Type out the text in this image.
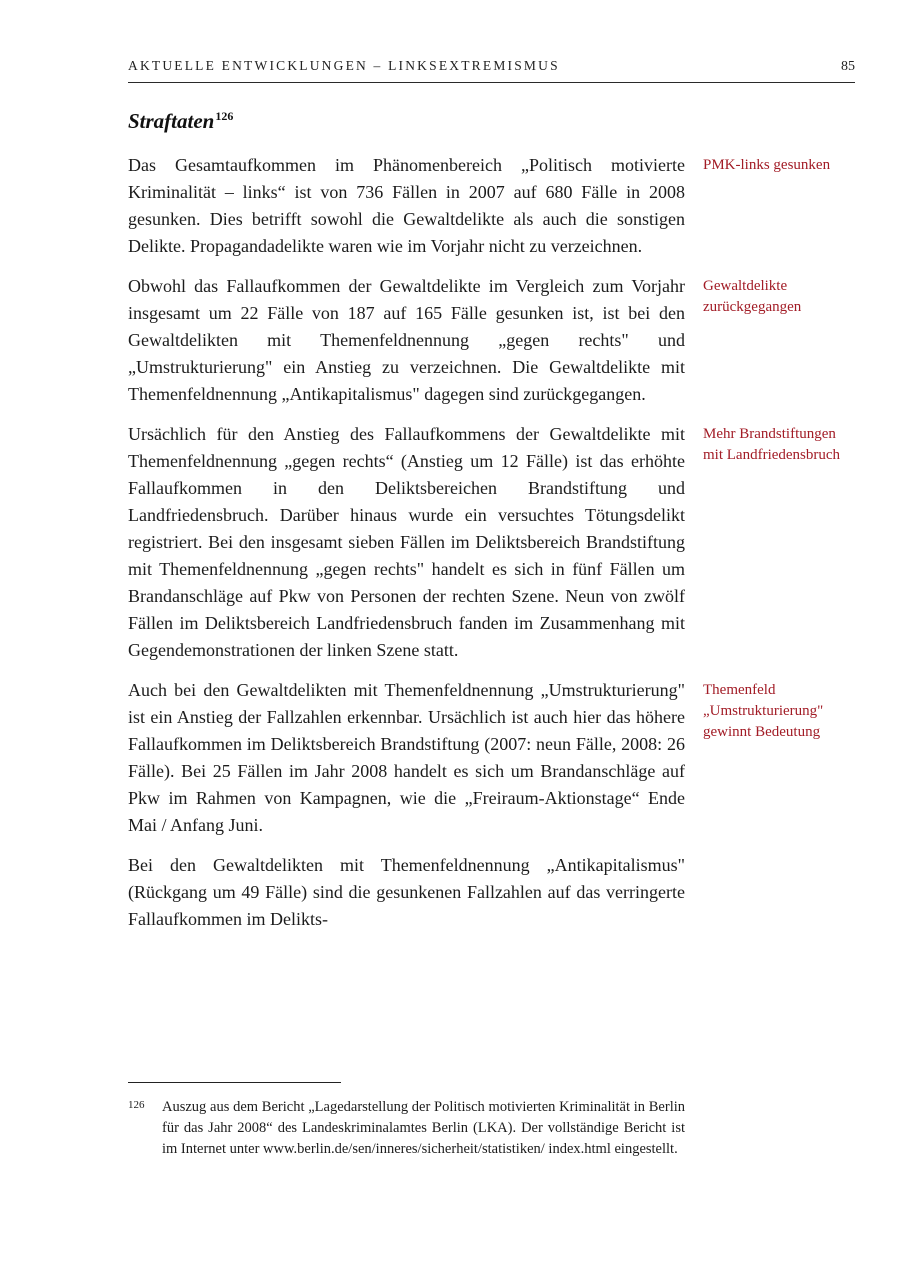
AKTUELLE ENTWICKLUNGEN – LINKSEXTREMISMUS	85
Straftaten$^{126}$

Das Gesamtaufkommen im Phänomenbereich „Politisch motivierte Kriminalität – links“ ist von 736 Fällen in 2007 auf 680 Fälle in 2008 gesunken. Dies betrifft sowohl die Gewaltdelikte als auch die sonstigen Delikte. Propagandadelikte waren wie im Vorjahr nicht zu verzeichnen.

PMK-links gesunken

Obwohl das Fallaufkommen der Gewaltdelikte im Vergleich zum Vorjahr insgesamt um 22 Fälle von 187 auf 165 Fälle gesunken ist, ist bei den Gewaltdelikten mit Themenfeldnennung „gegen rechts" und „Umstrukturierung" ein Anstieg zu verzeichnen. Die Gewaltdelikte mit Themenfeldnennung „Antikapitalismus" dagegen sind zurückgegangen.

Gewaltdelikte zurückgegangen

Ursächlich für den Anstieg des Fallaufkommens der Gewaltdelikte mit Themenfeldnennung „gegen rechts“ (Anstieg um 12 Fälle) ist das erhöhte Fallaufkommen in den Deliktsbereichen Brandstiftung und Landfriedensbruch. Darüber hinaus wurde ein versuchtes Tötungsdelikt registriert. Bei den insgesamt sieben Fällen im Deliktsbereich Brandstiftung mit Themenfeldnennung „gegen rechts" handelt es sich in fünf Fällen um Brandanschläge auf Pkw von Personen der rechten Szene. Neun von zwölf Fällen im Deliktsbereich Landfriedensbruch fanden im Zusammenhang mit Gegendemonstrationen der linken Szene statt.

Mehr Brandstiftungen mit Landfriedensbruch

Auch bei den Gewaltdelikten mit Themenfeldnennung „Umstrukturierung" ist ein Anstieg der Fallzahlen erkennbar. Ursächlich ist auch hier das höhere Fallaufkommen im Deliktsbereich Brandstiftung (2007: neun Fälle, 2008: 26 Fälle). Bei 25 Fällen im Jahr 2008 handelt es sich um Brandanschläge auf Pkw im Rahmen von Kampagnen, wie die „Freiraum-Aktionstage“ Ende Mai / Anfang Juni.

Themenfeld „Umstrukturierung" gewinnt Bedeutung

Bei den Gewaltdelikten mit Themenfeldnennung „Antikapitalismus" (Rückgang um 49 Fälle) sind die gesunkenen Fallzahlen auf das verringerte Fallaufkommen im Delikts-

126	Auszug aus dem Bericht „Lagedarstellung der Politisch motivierten Kriminalität in Berlin für das Jahr 2008“ des Landeskriminalamtes Berlin (LKA). Der vollständige Bericht ist im Internet unter www.berlin.de/sen/inneres/sicherheit/statistiken/ index.html eingestellt.
